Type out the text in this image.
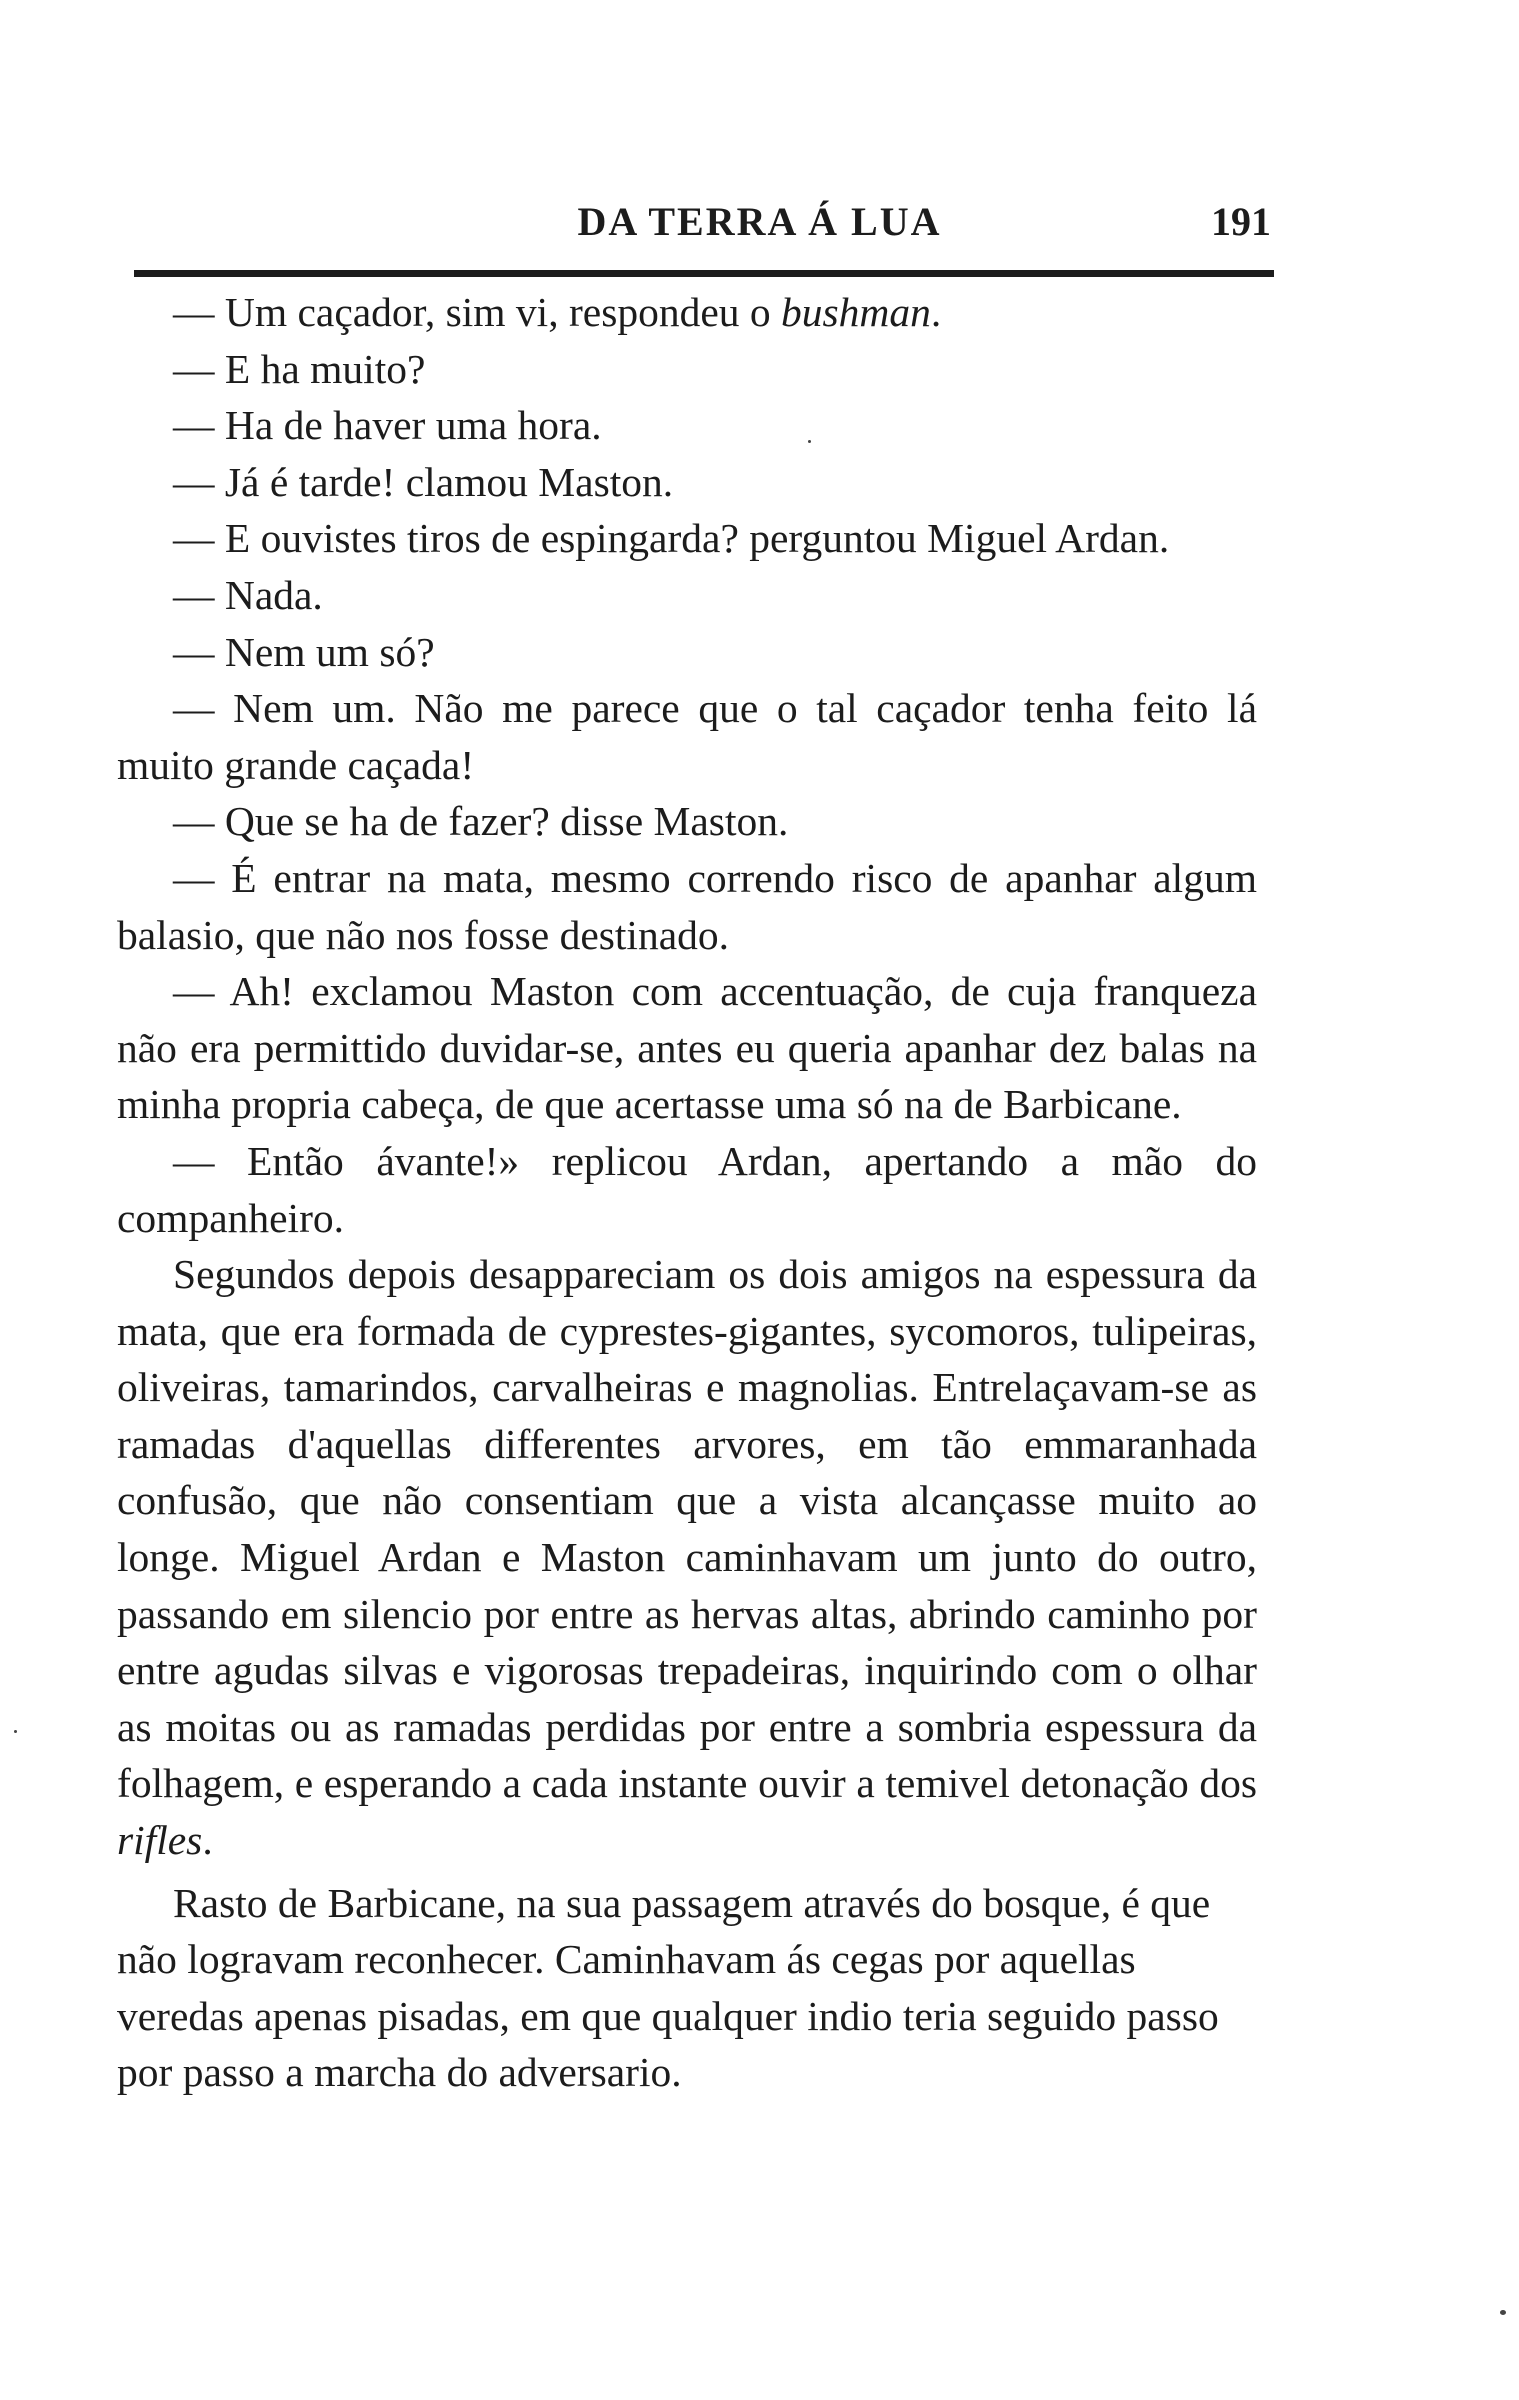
DA TERRA Á LUA	191

— Um caçador, sim vi, respondeu o bushman.

— E ha muito?

— Ha de haver uma hora.

— Já é tarde! clamou Maston.

— E ouvistes tiros de espingarda? perguntou Miguel Ardan.

— Nada.

— Nem um só?

— Nem um. Não me parece que o tal caçador tenha feito lá muito grande caçada!

— Que se ha de fazer? disse Maston.

— É entrar na mata, mesmo correndo risco de apanhar algum balasio, que não nos fosse destinado.

— Ah! exclamou Maston com accentuação, de cuja franqueza não era permittido duvidar-se, antes eu queria apanhar dez balas na minha propria cabeça, de que acertasse uma só na de Barbicane.

— Então ávante!» replicou Ardan, apertando a mão do companheiro.

Segundos depois desappareciam os dois amigos na espessura da mata, que era formada de cyprestes-gigantes, sycomoros, tulipeiras, oliveiras, tamarindos, carvalheiras e magnolias. Entrelaçavam-se as ramadas d'aquellas differentes arvores, em tão emmaranhada confusão, que não consentiam que a vista alcançasse muito ao longe. Miguel Ardan e Maston caminhavam um junto do outro, passando em silencio por entre as hervas altas, abrindo caminho por entre agudas silvas e vigorosas trepadeiras, inquirindo com o olhar as moitas ou as ramadas perdidas por entre a sombria espessura da folhagem, e esperando a cada instante ouvir a temivel detonação dos rifles.

Rasto de Barbicane, na sua passagem através do bosque, é que não logravam reconhecer. Caminhavam ás cegas por aquellas veredas apenas pisadas, em que qualquer indio teria seguido passo por passo a marcha do adversario.
